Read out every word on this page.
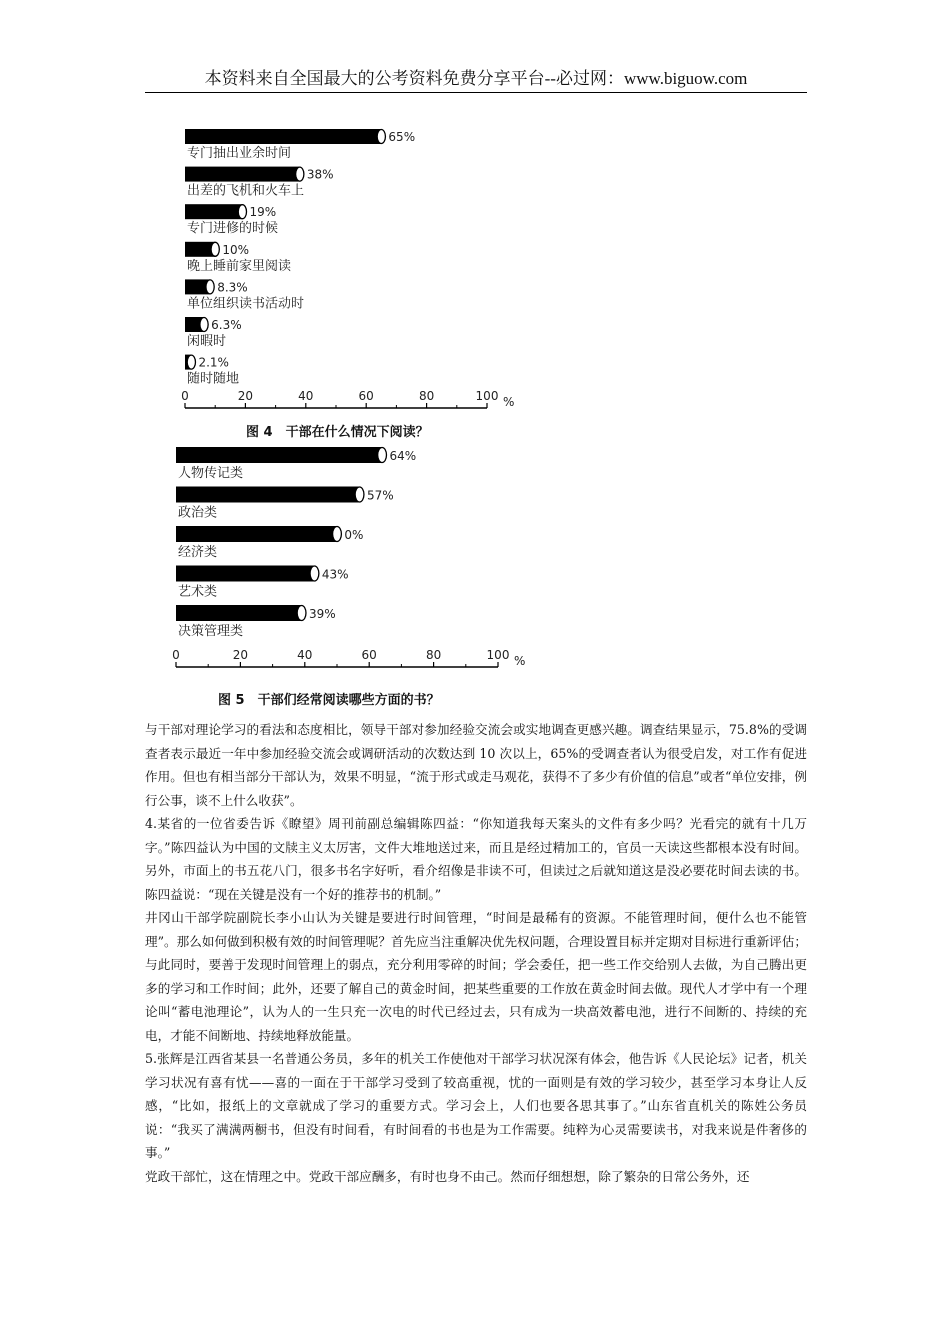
本资料来自全国最大的公考资料免费分享平台--必过网：www.biguow.com
65%
专门抽出业余时间
38%
出差的飞机和火车上
19%
专门进修的时候
10%
晚上睡前家里阅读
8.3%
单位组织读书活动时
6.3%
闲暇时
2.1%
随时随地
0	20	40	60	80	100 %
图 4　干部在什么情况下阅读？
64%
人物传记类
57%
政治类
0%
经济类
43%
艺术类
39%
决策管理类
0	20	40	60	80	100 %
图 5　干部们经常阅读哪些方面的书？

与干部对理论学习的看法和态度相比，领导干部对参加经验交流会或实地调查更感兴趣。调查结果显示，75.8%的受调查者表示最近一年中参加经验交流会或调研活动的次数达到 10 次以上，65%的受调查者认为很受启发，对工作有促进作用。但也有相当部分干部认为，效果不明显，“流于形式或走马观花，获得不了多少有价值的信息”或者“单位安排，例行公事，谈不上什么收获”。

4.某省的一位省委告诉《瞭望》周刊前副总编辑陈四益：“你知道我每天案头的文件有多少吗？光看完的就有十几万字。”陈四益认为中国的文牍主义太厉害，文件大堆地送过来，而且是经过精加工的，官员一天读这些都根本没有时间。另外，市面上的书五花八门，很多书名字好听，看介绍像是非读不可，但读过之后就知道这是没必要花时间去读的书。陈四益说：“现在关键是没有一个好的推荐书的机制。”

井冈山干部学院副院长李小山认为关键是要进行时间管理，“时间是最稀有的资源。不能管理时间，便什么也不能管理”。那么如何做到积极有效的时间管理呢？首先应当注重解决优先权问题，合理设置目标并定期对目标进行重新评估；与此同时，要善于发现时间管理上的弱点，充分利用零碎的时间；学会委任，把一些工作交给别人去做，为自己腾出更多的学习和工作时间；此外，还要了解自己的黄金时间，把某些重要的工作放在黄金时间去做。现代人才学中有一个理论叫“蓄电池理论”，认为人的一生只充一次电的时代已经过去，只有成为一块高效蓄电池，进行不间断的、持续的充电，才能不间断地、持续地释放能量。

5.张辉是江西省某县一名普通公务员，多年的机关工作使他对干部学习状况深有体会，他告诉《人民论坛》记者，机关学习状况有喜有忧——喜的一面在于干部学习受到了较高重视，忧的一面则是有效的学习较少，甚至学习本身让人反感，“比如，报纸上的文章就成了学习的重要方式。学习会上，人们也要各思其事了。”山东省直机关的陈姓公务员说：“我买了满满两橱书，但没有时间看，有时间看的书也是为工作需要。纯粹为心灵需要读书，对我来说是件奢侈的事。”

党政干部忙，这在情理之中。党政干部应酬多，有时也身不由己。然而仔细想想，除了繁杂的日常公务外，还
